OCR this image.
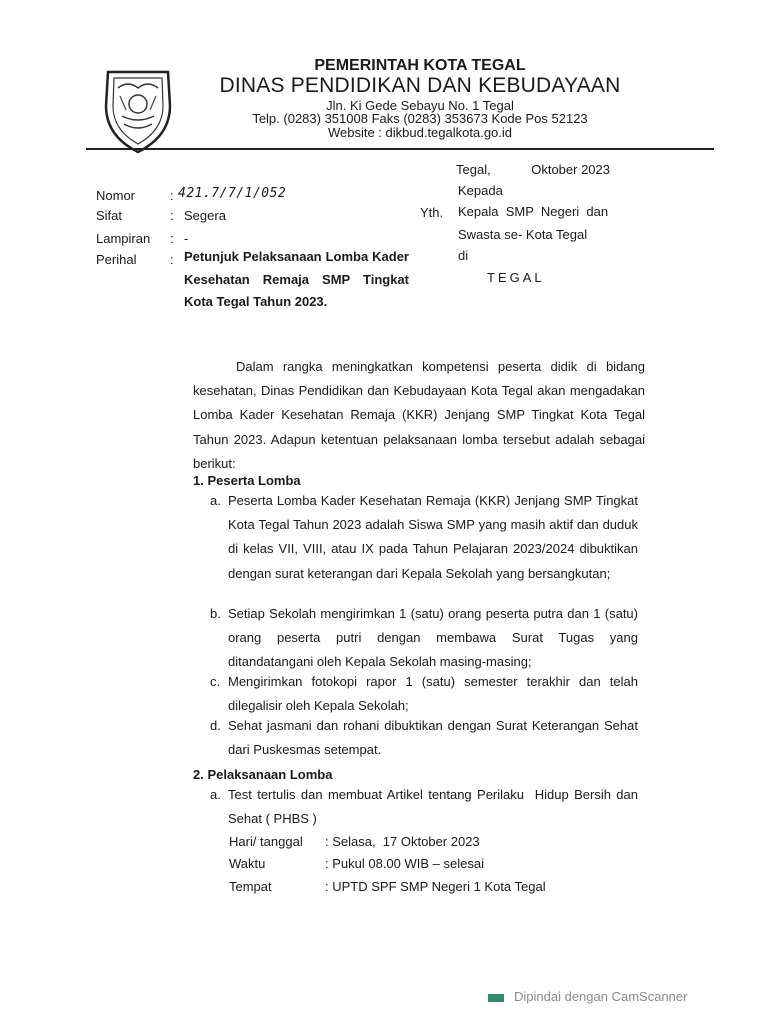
PEMERINTAH KOTA TEGAL
DINAS PENDIDIKAN DAN KEBUDAYAAN
Jln. Ki Gede Sebayu No. 1 Tegal
Telp. (0283) 351008 Faks (0283) 353673 Kode Pos 52123
Website : dikbud.tegalkota.go.id
Nomor	: 421.7/7/1/052
Sifat	: Segera
Lampiran : -
Perihal	: Petunjuk Pelaksanaan Lomba Kader Kesehatan Remaja SMP Tingkat Kota Tegal Tahun 2023.
Tegal,	Oktober 2023
Kepada
Yth. Kepala  SMP  Negeri  dan
Swasta se- Kota Tegal
di
TEGAL
Dalam rangka meningkatkan kompetensi peserta didik di bidang kesehatan, Dinas Pendidikan dan Kebudayaan Kota Tegal akan mengadakan Lomba Kader Kesehatan Remaja (KKR) Jenjang SMP Tingkat Kota Tegal Tahun 2023. Adapun ketentuan pelaksanaan lomba tersebut adalah sebagai berikut:
1. Peserta Lomba
a. Peserta Lomba Kader Kesehatan Remaja (KKR) Jenjang SMP Tingkat Kota Tegal Tahun 2023 adalah Siswa SMP yang masih aktif dan duduk di kelas VII, VIII, atau IX pada Tahun Pelajaran 2023/2024 dibuktikan dengan surat keterangan dari Kepala Sekolah yang bersangkutan;
b. Setiap Sekolah mengirimkan 1 (satu) orang peserta putra dan 1 (satu) orang peserta putri dengan membawa Surat Tugas yang ditandatangani oleh Kepala Sekolah masing-masing;
c. Mengirimkan fotokopi rapor 1 (satu) semester terakhir dan telah dilegalisir oleh Kepala Sekolah;
d. Sehat jasmani dan rohani dibuktikan dengan Surat Keterangan Sehat dari Puskesmas setempat.
2. Pelaksanaan Lomba
a. Test tertulis dan membuat Artikel tentang Perilaku  Hidup Bersih dan Sehat ( PHBS )
Hari/ tanggal : Selasa,  17 Oktober 2023
Waktu	: Pukul 08.00 WIB – selesai
Tempat	: UPTD SPF SMP Negeri 1 Kota Tegal
Dipindai dengan CamScanner
